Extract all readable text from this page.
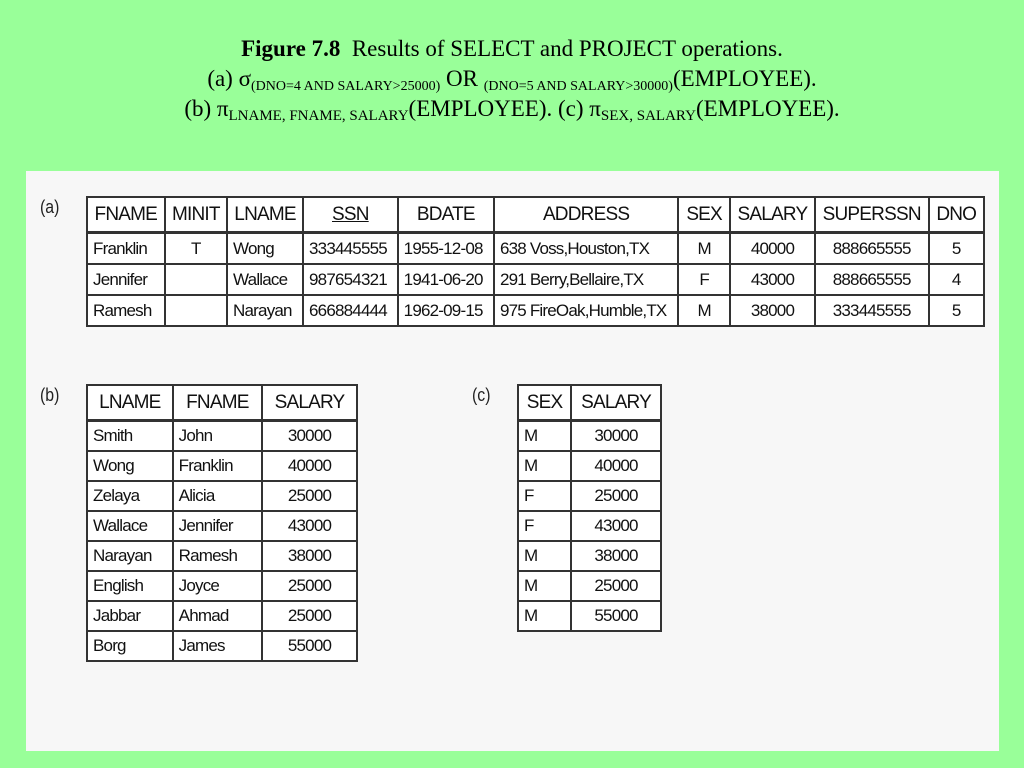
Figure 7.8 Results of SELECT and PROJECT operations.
(a) $\sigma_{(DNO=4 AND SALARY>25000)}$ OR $_{(DNO=5 AND SALARY>30000)}$(EMPLOYEE).
(b) $\pi_{LNAME, FNAME, SALARY}(EMPLOYEE)$. (c) $\pi_{SEX, SALARY}(EMPLOYEE)$.
(a) FNAME	MINIT	LNAME	SSN	BDATE	ADDRESS	SEX	SALARY	SUPERSSN	DNO
Franklin	T	Wong	333445555	1955-12-08	638 Voss,Houston,TX	M	40000	888665555	5
Jennifer		Wallace	987654321	1941-06-20	291 Berry,Bellaire,TX	F	43000	888665555	4
Ramesh		Narayan	666884444	1962-09-15	975 FireOak,Humble,TX	M	38000	333445555	5
(b) LNAME	FNAME	SALARY
Smith	John	30000
Wong	Franklin	40000
Zelaya	Alicia	25000
Wallace	Jennifer	43000
Narayan	Ramesh	38000
English	Joyce	25000
Jabbar	Ahmad	25000
Borg	James	55000
(c) SEX	SALARY
M	30000
M	40000
F	25000
F	43000
M	38000
M	25000
M	55000
